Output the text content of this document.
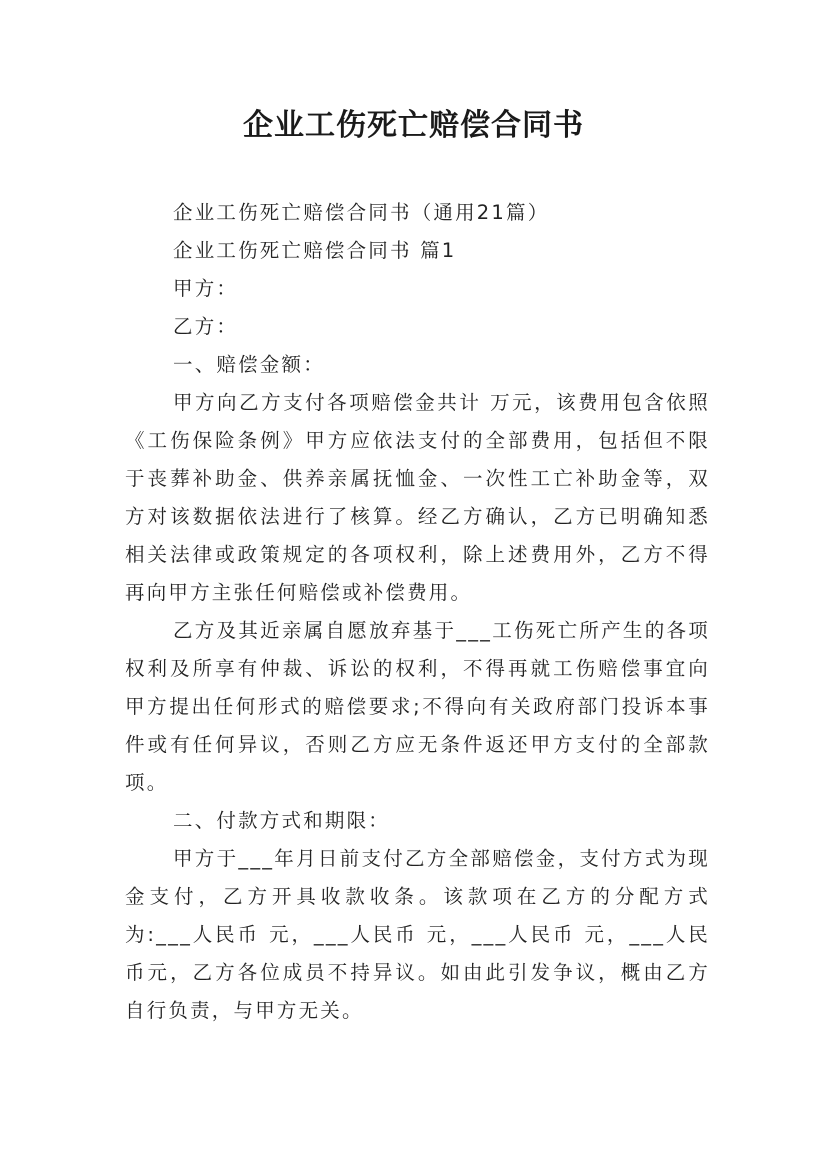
企业工伤死亡赔偿合同书

企业工伤死亡赔偿合同书（通用21篇）

企业工伤死亡赔偿合同书 篇1

甲方：

乙方：

一、赔偿金额：

甲方向乙方支付各项赔偿金共计 万元，该费用包含依照《工伤保险条例》甲方应依法支付的全部费用，包括但不限于丧葬补助金、供养亲属抚恤金、一次性工亡补助金等，双方对该数据依法进行了核算。经乙方确认，乙方已明确知悉相关法律或政策规定的各项权利，除上述费用外，乙方不得再向甲方主张任何赔偿或补偿费用。

乙方及其近亲属自愿放弃基于___工伤死亡所产生的各项权利及所享有仲裁、诉讼的权利，不得再就工伤赔偿事宜向甲方提出任何形式的赔偿要求;不得向有关政府部门投诉本事件或有任何异议，否则乙方应无条件返还甲方支付的全部款项。

二、付款方式和期限：

甲方于___年月日前支付乙方全部赔偿金，支付方式为现金支付，乙方开具收款收条。该款项在乙方的分配方式为:___人民币 元，___人民币 元，___人民币 元，___人民币元，乙方各位成员不持异议。如由此引发争议，概由乙方自行负责，与甲方无关。
